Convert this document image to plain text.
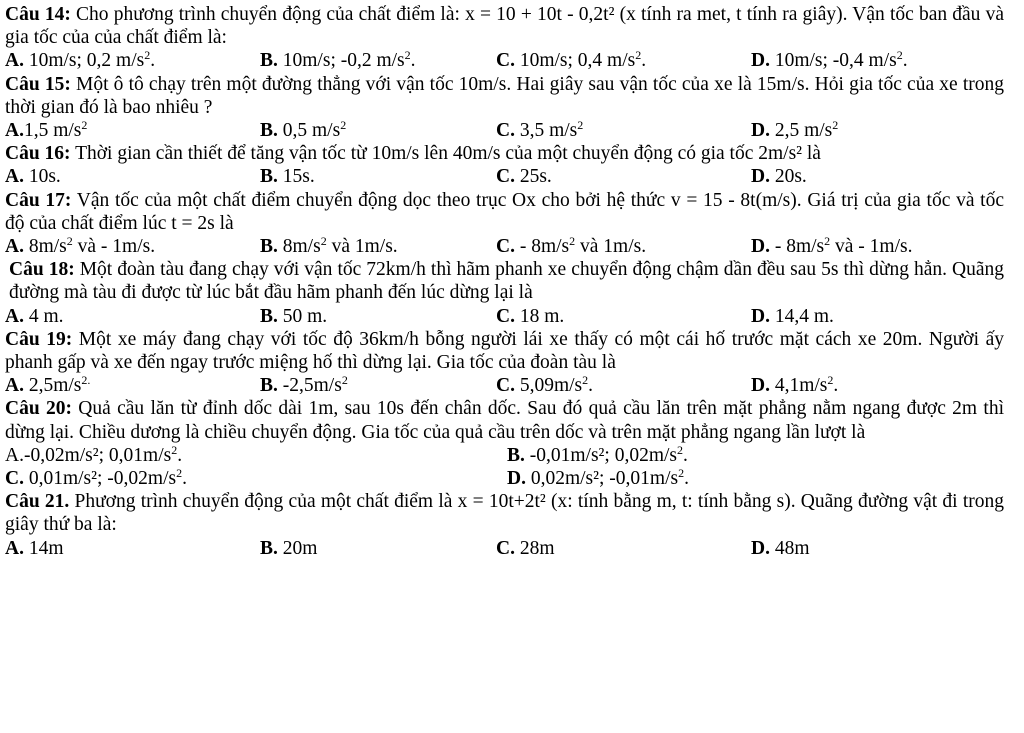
Câu 14: Cho phương trình chuyển động của chất điểm là: x = 10 + 10t - 0,2t² (x tính ra met, t tính ra giây). Vận tốc ban đầu và gia tốc của của chất điểm là:
A. 10m/s; 0,2 $m/s^2$.	B. 10m/s; -0,2 $m/s^2$.	C. 10m/s; 0,4 $m/s^2$.	D. 10m/s; -0,4 $m/s^2$.
Câu 15: Một ô tô chạy trên một đường thẳng với vận tốc 10m/s. Hai giây sau vận tốc của xe là 15m/s. Hỏi gia tốc của xe trong thời gian đó là bao nhiêu ?
A.1,5 $m/s^2$	B. 0,5 $m/s^2$	C. 3,5 $m/s^2$	D. 2,5 $m/s^2$
Câu 16: Thời gian cần thiết để tăng vận tốc từ 10m/s lên 40m/s của một chuyển động có gia tốc 2m/s² là
A. 10s.	B. 15s.	C. 25s.	D. 20s.
Câu 17: Vận tốc của một chất điểm chuyển động dọc theo trục Ox cho bởi hệ thức v = 15 - 8t(m/s). Giá trị của gia tốc và tốc độ của chất điểm lúc t = 2s là
A. $8m/s^2$ và - 1m/s.	B. $8m/s^2$ và 1m/s.	C. - $8m/s^2$ và 1m/s.	D. - $8m/s^2$ và - 1m/s.
Câu 18: Một đoàn tàu đang chạy với vận tốc 72km/h thì hãm phanh xe chuyển động chậm dần đều sau 5s thì dừng hẳn. Quãng đường mà tàu đi được từ lúc bắt đầu hãm phanh đến lúc dừng lại là
A. 4 m.	B. 50 m.	C. 18 m.	D. 14,4 m.
Câu 19: Một xe máy đang chạy với tốc độ 36km/h bỗng người lái xe thấy có một cái hố trước mặt cách xe 20m. Người ấy phanh gấp và xe đến ngay trước miệng hố thì dừng lại. Gia tốc của đoàn tàu là
A. $2,5m/s^{2.}$	B. $-2,5m/s^2$	C. $5,09m/s^2$.	D. $4,1m/s^2$.
Câu 20: Quả cầu lăn từ đỉnh dốc dài 1m, sau 10s đến chân dốc. Sau đó quả cầu lăn trên mặt phẳng nằm ngang được 2m thì dừng lại. Chiều dương là chiều chuyển động. Gia tốc của quả cầu trên dốc và trên mặt phẳng ngang lần lượt là
A.-0,02m/s²; $0,01m/s^2$.	B. -0,01m/s²; $0,02m/s^2$.
C. 0,01m/s²; $-0,02m/s^2$.	D. 0,02m/s²; $-0,01m/s^2$.
Câu 21. Phương trình chuyển động của một chất điểm là x = 10t+2t² (x: tính bằng m, t: tính bằng s). Quãng đường vật đi trong giây thứ ba là:
A. 14m	B. 20m	C. 28m	D. 48m
